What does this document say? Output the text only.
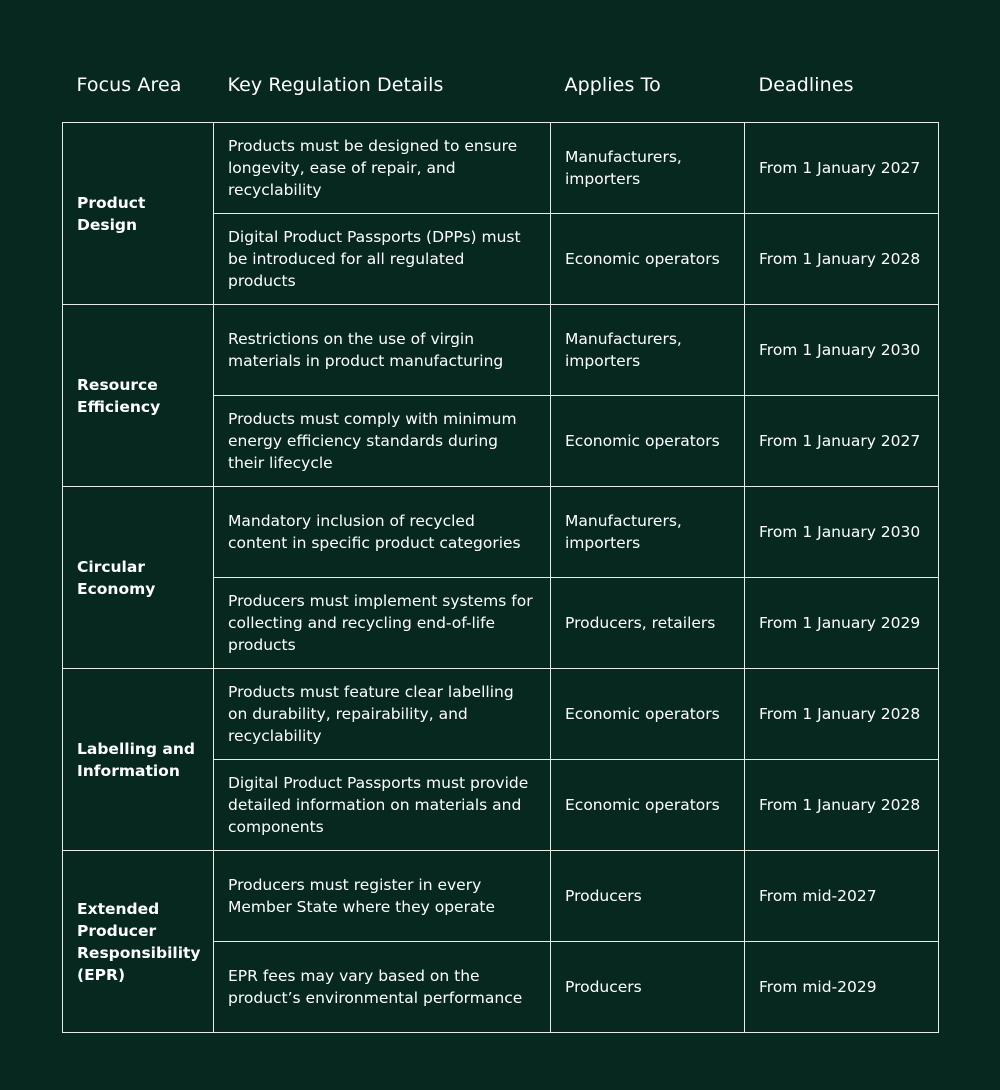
Focus Area	Key Regulation Details	Applies To	Deadlines
Product Design	Products must be designed to ensure longevity, ease of repair, and recyclability	Manufacturers, importers	From 1 January 2027
	Digital Product Passports (DPPs) must be introduced for all regulated products	Economic operators	From 1 January 2028
Resource Efficiency	Restrictions on the use of virgin materials in product manufacturing	Manufacturers, importers	From 1 January 2030
	Products must comply with minimum energy efficiency standards during their lifecycle	Economic operators	From 1 January 2027
Circular Economy	Mandatory inclusion of recycled content in specific product categories	Manufacturers, importers	From 1 January 2030
	Producers must implement systems for collecting and recycling end-of-life products	Producers, retailers	From 1 January 2029
Labelling and Information	Products must feature clear labelling on durability, repairability, and recyclability	Economic operators	From 1 January 2028
	Digital Product Passports must provide detailed information on materials and components	Economic operators	From 1 January 2028
Extended Producer Responsibility (EPR)	Producers must register in every Member State where they operate	Producers	From mid-2027
	EPR fees may vary based on the product’s environmental performance	Producers	From mid-2029
